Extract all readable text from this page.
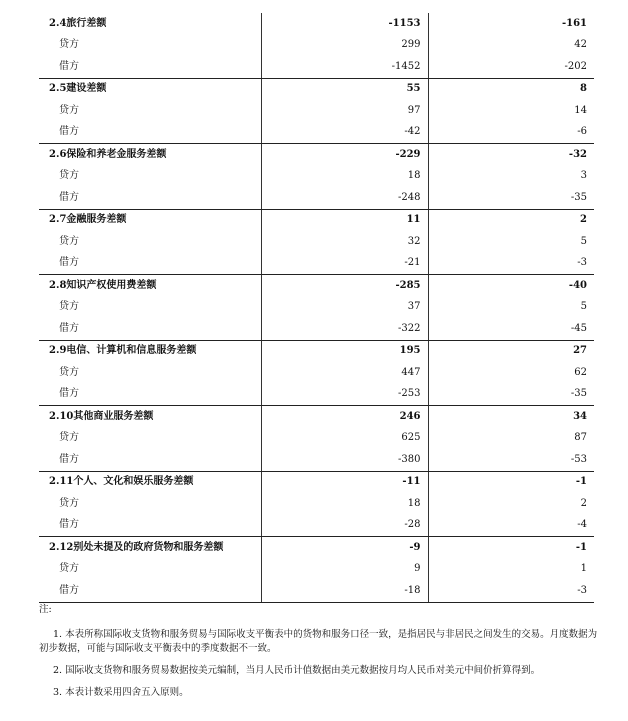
2.4旅行差额	-1153	-161
贷方	299	42
借方	-1452	-202
2.5建设差额	55	8
贷方	97	14
借方	-42	-6
2.6保险和养老金服务差额	-229	-32
贷方	18	3
借方	-248	-35
2.7金融服务差额	11	2
贷方	32	5
借方	-21	-3
2.8知识产权使用费差额	-285	-40
贷方	37	5
借方	-322	-45
2.9电信、计算机和信息服务差额	195	27
贷方	447	62
借方	-253	-35
2.10其他商业服务差额	246	34
贷方	625	87
借方	-380	-53
2.11个人、文化和娱乐服务差额	-11	-1
贷方	18	2
借方	-28	-4
2.12别处未提及的政府货物和服务差额	-9	-1
贷方	9	1
借方	-18	-3

注:

1. 本表所称国际收支货物和服务贸易与国际收支平衡表中的货物和服务口径一致，是指居民与非居民之间发生的交易。月度数据为初步数据，可能与国际收支平衡表中的季度数据不一致。

2. 国际收支货物和服务贸易数据按美元编制，当月人民币计值数据由美元数据按月均人民币对美元中间价折算得到。

3. 本表计数采用四舍五入原则。
